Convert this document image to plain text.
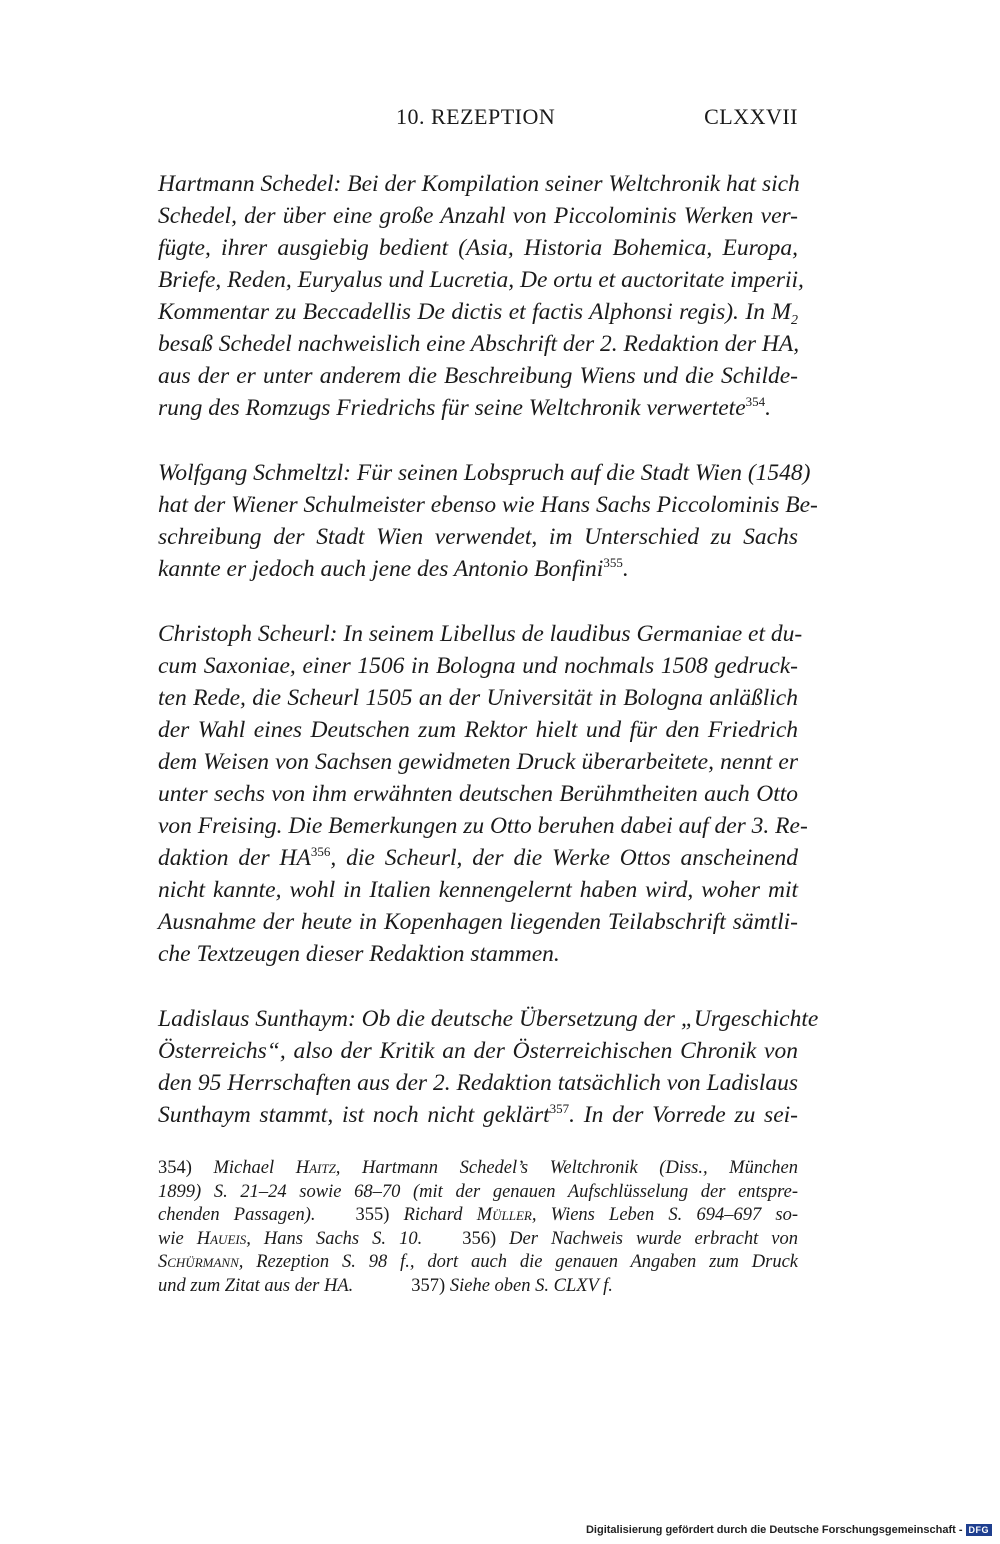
10. REZEPTION	CLXXVII

Hartmann Schedel: Bei der Kompilation seiner Weltchronik hat sich
Schedel, der über eine große Anzahl von Piccolominis Werken ver-
fügte, ihrer ausgiebig bedient (Asia, Historia Bohemica, Europa,
Briefe, Reden, Euryalus und Lucretia, De ortu et auctoritate imperii,
Kommentar zu Beccadellis De dictis et factis Alphonsi regis). In $M_2$
besaß Schedel nachweislich eine Abschrift der 2. Redaktion der HA,
aus der er unter anderem die Beschreibung Wiens und die Schilde-
rung des Romzugs Friedrichs für seine Weltchronik verwertete$^{354}$.

Wolfgang Schmeltzl: Für seinen Lobspruch auf die Stadt Wien (1548)
hat der Wiener Schulmeister ebenso wie Hans Sachs Piccolominis Be-
schreibung der Stadt Wien verwendet, im Unterschied zu Sachs
kannte er jedoch auch jene des Antonio Bonfini$^{355}$.

Christoph Scheurl: In seinem Libellus de laudibus Germaniae et du-
cum Saxoniae, einer 1506 in Bologna und nochmals 1508 gedruck-
ten Rede, die Scheurl 1505 an der Universität in Bologna anläßlich
der Wahl eines Deutschen zum Rektor hielt und für den Friedrich
dem Weisen von Sachsen gewidmeten Druck überarbeitete, nennt er
unter sechs von ihm erwähnten deutschen Berühmtheiten auch Otto
von Freising. Die Bemerkungen zu Otto beruhen dabei auf der 3. Re-
daktion der HA$^{356}$, die Scheurl, der die Werke Ottos anscheinend
nicht kannte, wohl in Italien kennengelernt haben wird, woher mit
Ausnahme der heute in Kopenhagen liegenden Teilabschrift sämtli-
che Textzeugen dieser Redaktion stammen.

Ladislaus Sunthaym: Ob die deutsche Übersetzung der „Urgeschichte
Österreichs“, also der Kritik an der Österreichischen Chronik von
den 95 Herrschaften aus der 2. Redaktion tatsächlich von Ladislaus
Sunthaym stammt, ist noch nicht geklärt$^{357}$. In der Vorrede zu sei-

354) Michael Haitz, Hartmann Schedel’s Weltchronik (Diss., München
1899) S. 21–24 sowie 68–70 (mit der genauen Aufschlüsselung der entspre-
chenden Passagen). 355) Richard Müller, Wiens Leben S. 694–697 so-
wie Haueis, Hans Sachs S. 10. 356) Der Nachweis wurde erbracht von
Schürmann, Rezeption S. 98 f., dort auch die genauen Angaben zum Druck
und zum Zitat aus der HA.	357) Siehe oben S. CLXV f.
Digitalisierung gefördert durch die Deutsche Forschungsgemeinschaft - DFG
